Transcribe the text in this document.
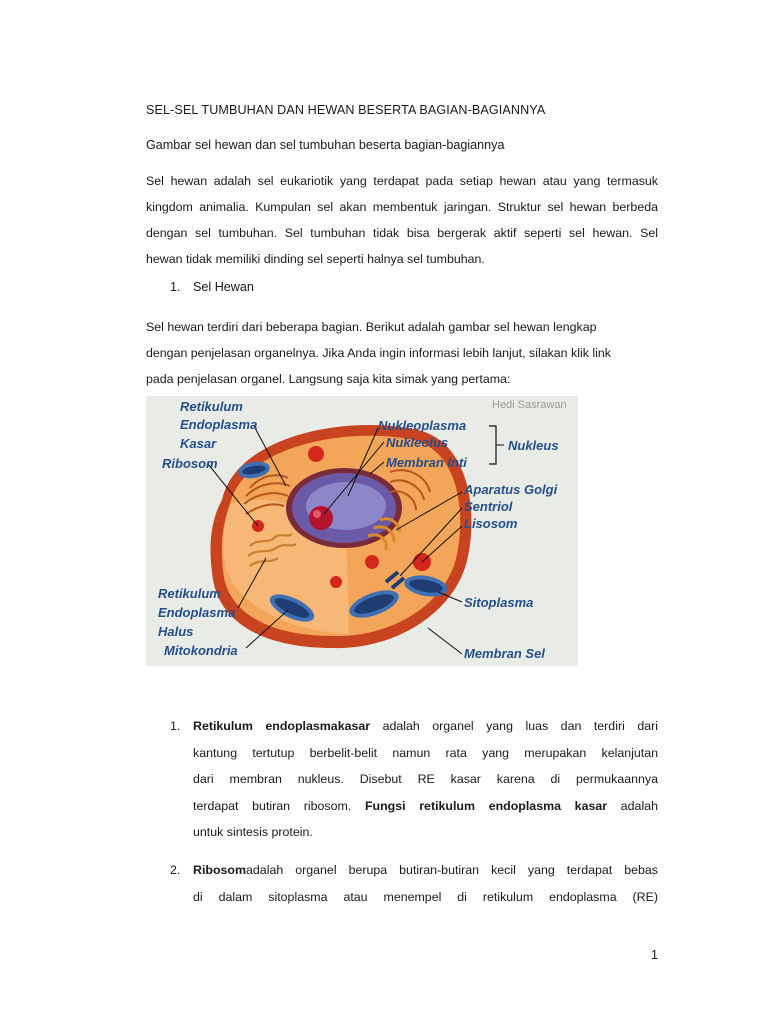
SEL-SEL TUMBUHAN DAN HEWAN BESERTA BAGIAN-BAGIANNYA
Gambar sel hewan dan sel tumbuhan beserta bagian-bagiannya
Sel hewan adalah sel eukariotik yang terdapat pada setiap hewan atau yang termasuk
kingdom animalia. Kumpulan sel akan membentuk jaringan. Struktur sel hewan berbeda
dengan sel tumbuhan. Sel tumbuhan tidak bisa bergerak aktif seperti sel hewan. Sel
hewan tidak memiliki dinding sel seperti halnya sel tumbuhan.
1. Sel Hewan
Sel hewan terdiri dari beberapa bagian. Berikut adalah gambar sel hewan lengkap
dengan penjelasan organelnya. Jika Anda ingin informasi lebih lanjut, silakan klik link
pada penjelasan organel. Langsung saja kita simak yang pertama:
Hedi Sasrawan
Retikulum
Endoplasma
Kasar
Ribosom
Nukleoplasma
Nukleolus
Membran Inti
Nukleus
Aparatus Golgi
Sentriol
Lisosom
Retikulum
Endoplasma
Halus
Mitokondria
Sitoplasma
Membran Sel
1. Retikulum endoplasmakasar adalah organel yang luas dan terdiri dari
kantung tertutup berbelit-belit namun rata yang merupakan kelanjutan
dari membran nukleus. Disebut RE kasar karena di permukaannya
terdapat butiran ribosom. Fungsi retikulum endoplasma kasar adalah
untuk sintesis protein.
2. Ribosomadalah organel berupa butiran-butiran kecil yang terdapat bebas
di dalam sitoplasma atau menempel di retikulum endoplasma (RE)
1
